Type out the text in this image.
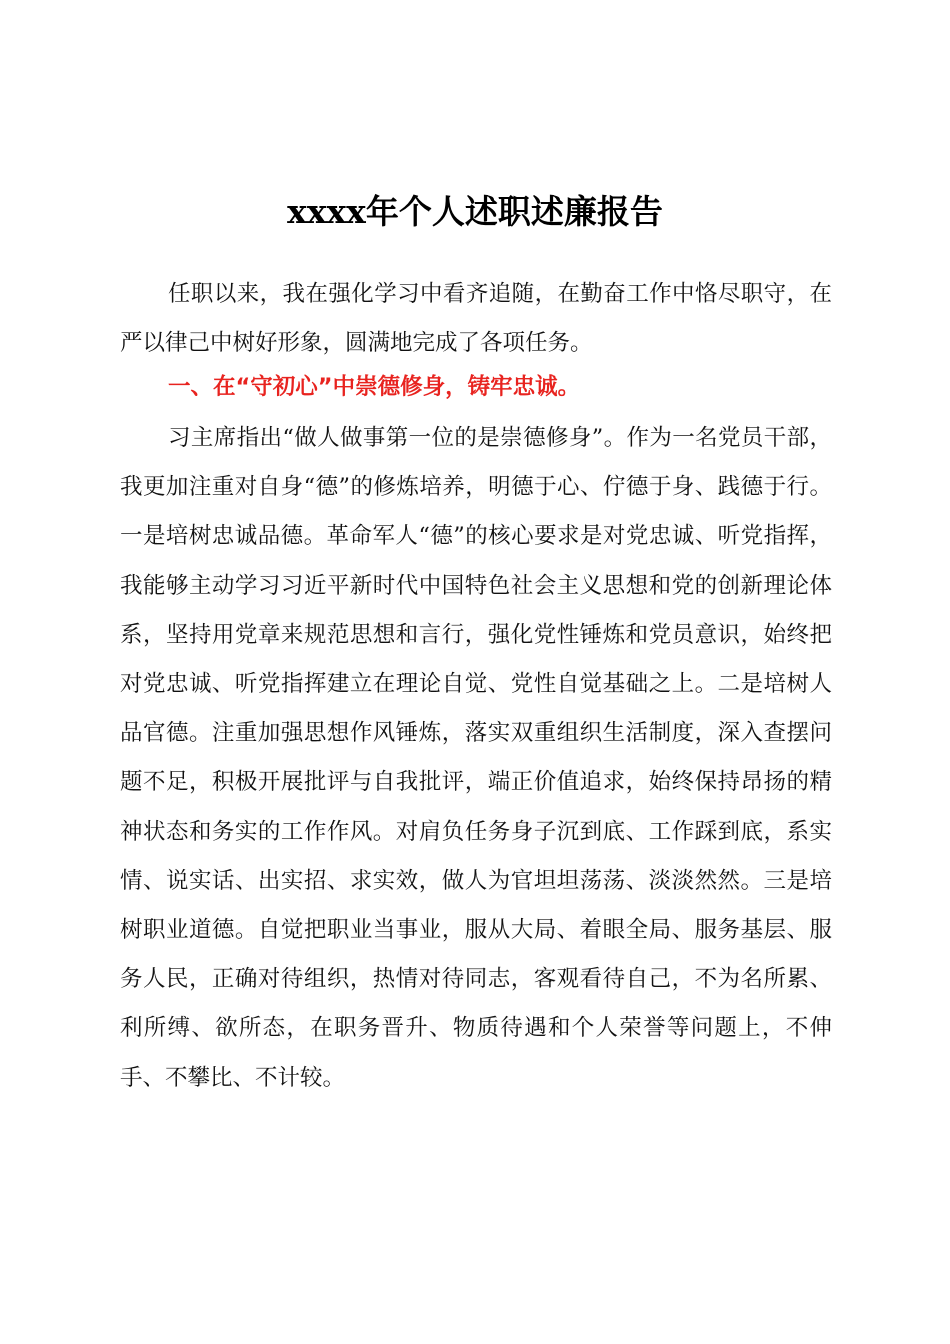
xxxx年个人述职述廉报告

任职以来，我在强化学习中看齐追随，在勤奋工作中恪尽职守，在严以律己中树好形象，圆满地完成了各项任务。

一、在“守初心”中崇德修身，铸牢忠诚。

习主席指出“做人做事第一位的是崇德修身”。作为一名党员干部，我更加注重对自身“德”的修炼培养，明德于心、佇德于身、践德于行。一是培树忠诚品德。革命军人“德”的核心要求是对党忠诚、听党指挥，我能够主动学习习近平新时代中国特色社会主义思想和党的创新理论体系，坚持用党章来规范思想和言行，强化党性锤炼和党员意识，始终把对党忠诚、听党指挥建立在理论自觉、党性自觉基础之上。二是培树人品官德。注重加强思想作风锤炼，落实双重组织生活制度，深入查摆问题不足，积极开展批评与自我批评，端正价值追求，始终保持昂扬的精神状态和务实的工作作风。对肩负任务身子沉到底、工作踩到底，系实情、说实话、出实招、求实效，做人为官坦坦荡荡、淡淡然然。三是培树职业道德。自觉把职业当事业，服从大局、着眼全局、服务基层、服务人民，正确对待组织，热情对待同志，客观看待自己，不为名所累、利所缚、欲所态，在职务晋升、物质待遇和个人荣誉等问题上，不伸手、不攀比、不计较。
